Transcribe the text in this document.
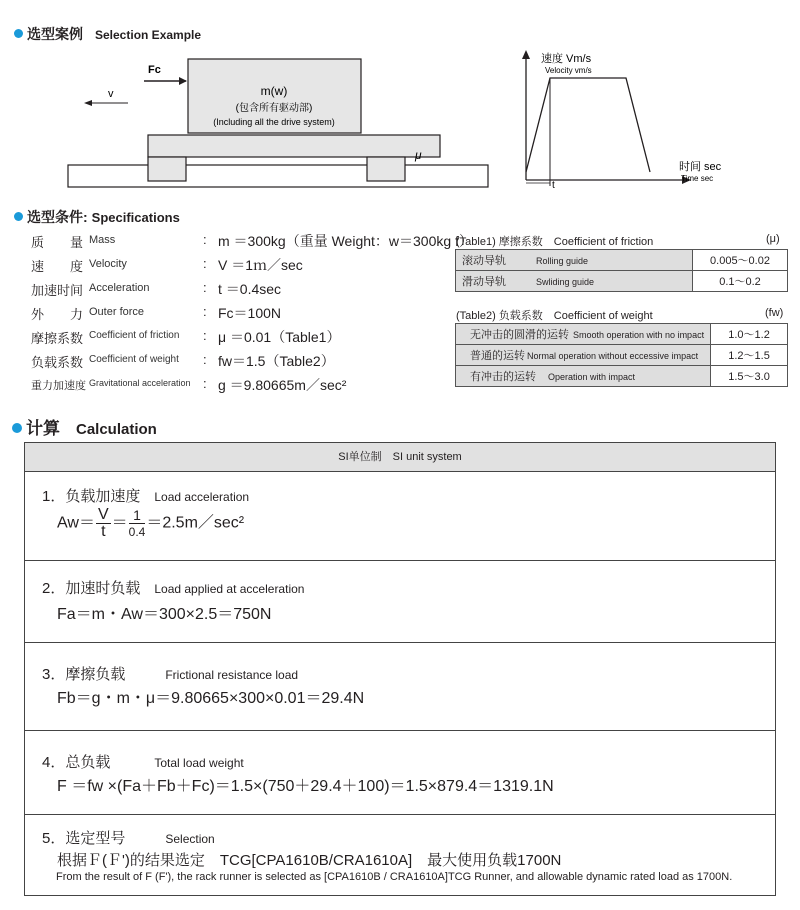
选型案例 Selection Example
Fc
v	m(w)
(包含所有驱动部)
(Including all the drive system)
μ
t
速度 Vm/s
Velocity vm/s
时间 sec
Time sec
选型条件: Specifications
质　　量 Mass	: m ＝300kg（重量 Weight：w＝300kg f）
速　　度 Velocity	: V ＝1ｍ／sec
加速时间 Acceleration	: t ＝0.4sec
外　　力 Outer force	: Fc＝100N
摩擦系数 Coefficient of friction : μ ＝0.01（Table1）
负载系数 Coefficient of weight : fw＝1.5（Table2）
重力加速度 Gravitational acceleration : g ＝9.80665m／sec²
(Table1) 摩擦系数　Coefficient of friction	(μ)
滚动导轨 Rolling guide	0.005～0.02
滑动导轨 Swliding guide	0.1～0.2
(Table2) 负载系数　Coefficient of weight	(fw)
无冲击的圆滑的运转 Smooth operation with no impact	1.0～1.2
普通的运转 Normal operation without eccessive impact	1.2～1.5
有冲击的运转 Operation with impact	1.5～3.0
计算 Calculation
SI单位制　SI unit system
1．负载加速度 Load acceleration
$Aw= \frac{V}{t} = \frac{1}{0.4}$ ＝2.5m／sec²
2．加速时负载 Load applied at acceleration
Fa＝m・Aw＝300×2.5＝750N
3．摩擦负载	Frictional resistance load
Fb＝g・m・μ＝9.80665×300×0.01＝29.4N
4．总负载	Total load weight
F ＝fw ×(Fa＋Fb＋Fc)＝1.5×(750＋29.4＋100)＝1.5×879.4＝1319.1N
5．选定型号	Selection
根据Ｆ(Ｆ')的结果选定　TCG[CPA1610B/CRA1610A]　最大使用负载1700N
From the result of F (F'), the rack runner is selected as [CPA1610B / CRA1610A]TCG Runner, and allowable dynamic rated load as 1700N.
